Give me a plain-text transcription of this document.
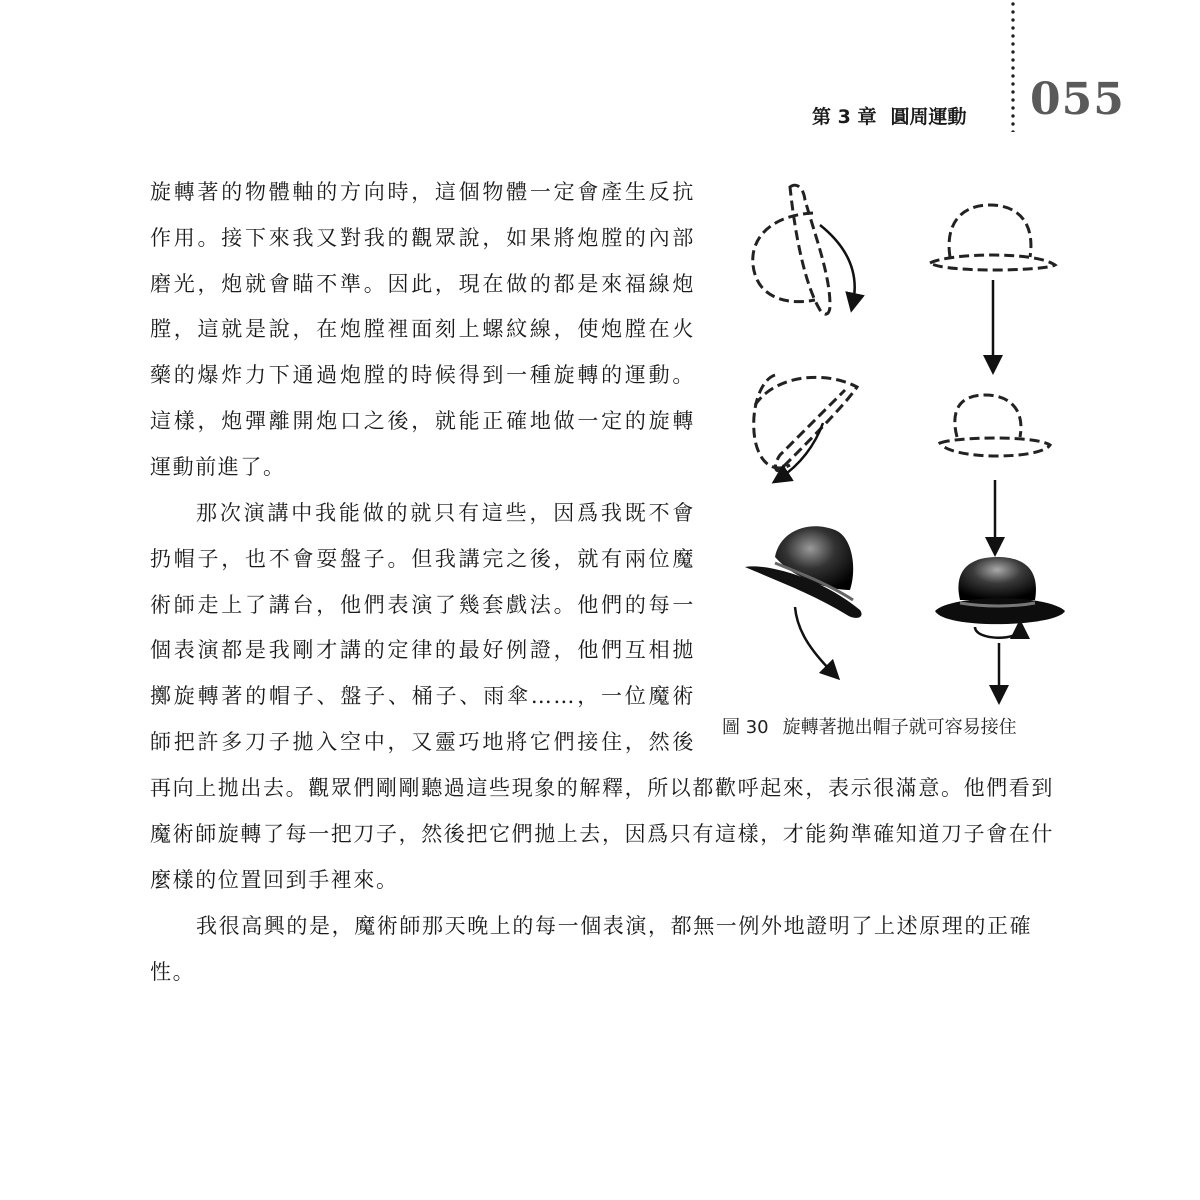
第 3 章 圓周運動 055
旋轉著的物體軸的方向時，這個物體一定會產生反抗
作用。接下來我又對我的觀眾說，如果將炮膛的內部
磨光，炮就會瞄不準。因此，現在做的都是來福線炮
膛，這就是說，在炮膛裡面刻上螺紋線，使炮膛在火
藥的爆炸力下通過炮膛的時候得到一種旋轉的運動。
這樣，炮彈離開炮口之後，就能正確地做一定的旋轉
運動前進了。
那次演講中我能做的就只有這些，因爲我既不會
扔帽子，也不會耍盤子。但我講完之後，就有兩位魔
術師走上了講台，他們表演了幾套戲法。他們的每一
個表演都是我剛才講的定律的最好例證，他們互相拋
擲旋轉著的帽子、盤子、桶子、雨傘……，一位魔術
師把許多刀子拋入空中，又靈巧地將它們接住，然後
再向上拋出去。觀眾們剛剛聽過這些現象的解釋，所以都歡呼起來，表示很滿意。他們看到
魔術師旋轉了每一把刀子，然後把它們拋上去，因爲只有這樣，才能夠準確知道刀子會在什
麼樣的位置回到手裡來。
我很高興的是，魔術師那天晚上的每一個表演，都無一例外地證明了上述原理的正確
性。
圖 30 旋轉著拋出帽子就可容易接住
